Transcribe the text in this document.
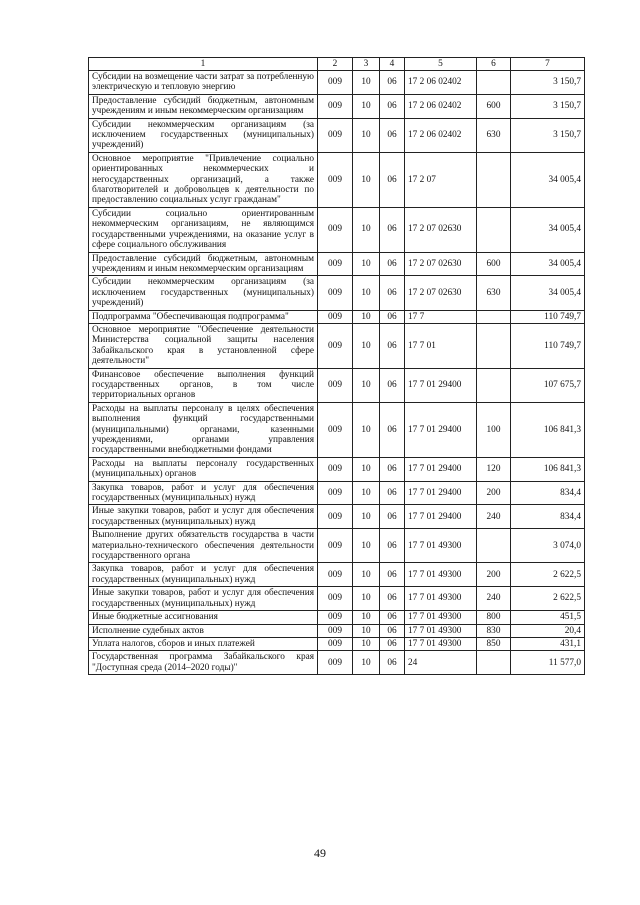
1	2	3	4	5	6	7
Субсидии на возмещение части затрат за потребленную электрическую и тепловую энергию	009	10	06	17 2 06 02402		3 150,7
Предоставление субсидий бюджетным, автономным учреждениям и иным некоммерческим организациям	009	10	06	17 2 06 02402	600	3 150,7
Субсидии некоммерческим организациям (за исключением государственных (муниципальных) учреждений)	009	10	06	17 2 06 02402	630	3 150,7
Основное мероприятие "Привлечение социально ориентированных некоммерческих и негосударственных организаций, а также благотворителей и добровольцев к деятельности по предоставлению социальных услуг гражданам"	009	10	06	17 2 07		34 005,4
Субсидии социально ориентированным некоммерческим организациям, не являющимся государственными учреждениями, на оказание услуг в сфере социального обслуживания	009	10	06	17 2 07 02630		34 005,4
Предоставление субсидий бюджетным, автономным учреждениям и иным некоммерческим организациям	009	10	06	17 2 07 02630	600	34 005,4
Субсидии некоммерческим организациям (за исключением государственных (муниципальных) учреждений)	009	10	06	17 2 07 02630	630	34 005,4
Подпрограмма "Обеспечивающая подпрограмма"	009	10	06	17 7		110 749,7
Основное мероприятие "Обеспечение деятельности Министерства социальной защиты населения Забайкальского края в установленной сфере деятельности"	009	10	06	17 7 01		110 749,7
Финансовое обеспечение выполнения функций государственных органов, в том числе территориальных органов	009	10	06	17 7 01 29400		107 675,7
Расходы на выплаты персоналу в целях обеспечения выполнения функций государственными (муниципальными) органами, казенными учреждениями, органами управления государственными внебюджетными фондами	009	10	06	17 7 01 29400	100	106 841,3
Расходы на выплаты персоналу государственных (муниципальных) органов	009	10	06	17 7 01 29400	120	106 841,3
Закупка товаров, работ и услуг для обеспечения государственных (муниципальных) нужд	009	10	06	17 7 01 29400	200	834,4
Иные закупки товаров, работ и услуг для обеспечения государственных (муниципальных) нужд	009	10	06	17 7 01 29400	240	834,4
Выполнение других обязательств государства в части материально-технического обеспечения деятельности государственного органа	009	10	06	17 7 01 49300		3 074,0
Закупка товаров, работ и услуг для обеспечения государственных (муниципальных) нужд	009	10	06	17 7 01 49300	200	2 622,5
Иные закупки товаров, работ и услуг для обеспечения государственных (муниципальных) нужд	009	10	06	17 7 01 49300	240	2 622,5
Иные бюджетные ассигнования	009	10	06	17 7 01 49300	800	451,5
Исполнение судебных актов	009	10	06	17 7 01 49300	830	20,4
Уплата налогов, сборов и иных платежей	009	10	06	17 7 01 49300	850	431,1
Государственная программа Забайкальского края "Доступная среда (2014–2020 годы)"	009	10	06	24		11 577,0
49
